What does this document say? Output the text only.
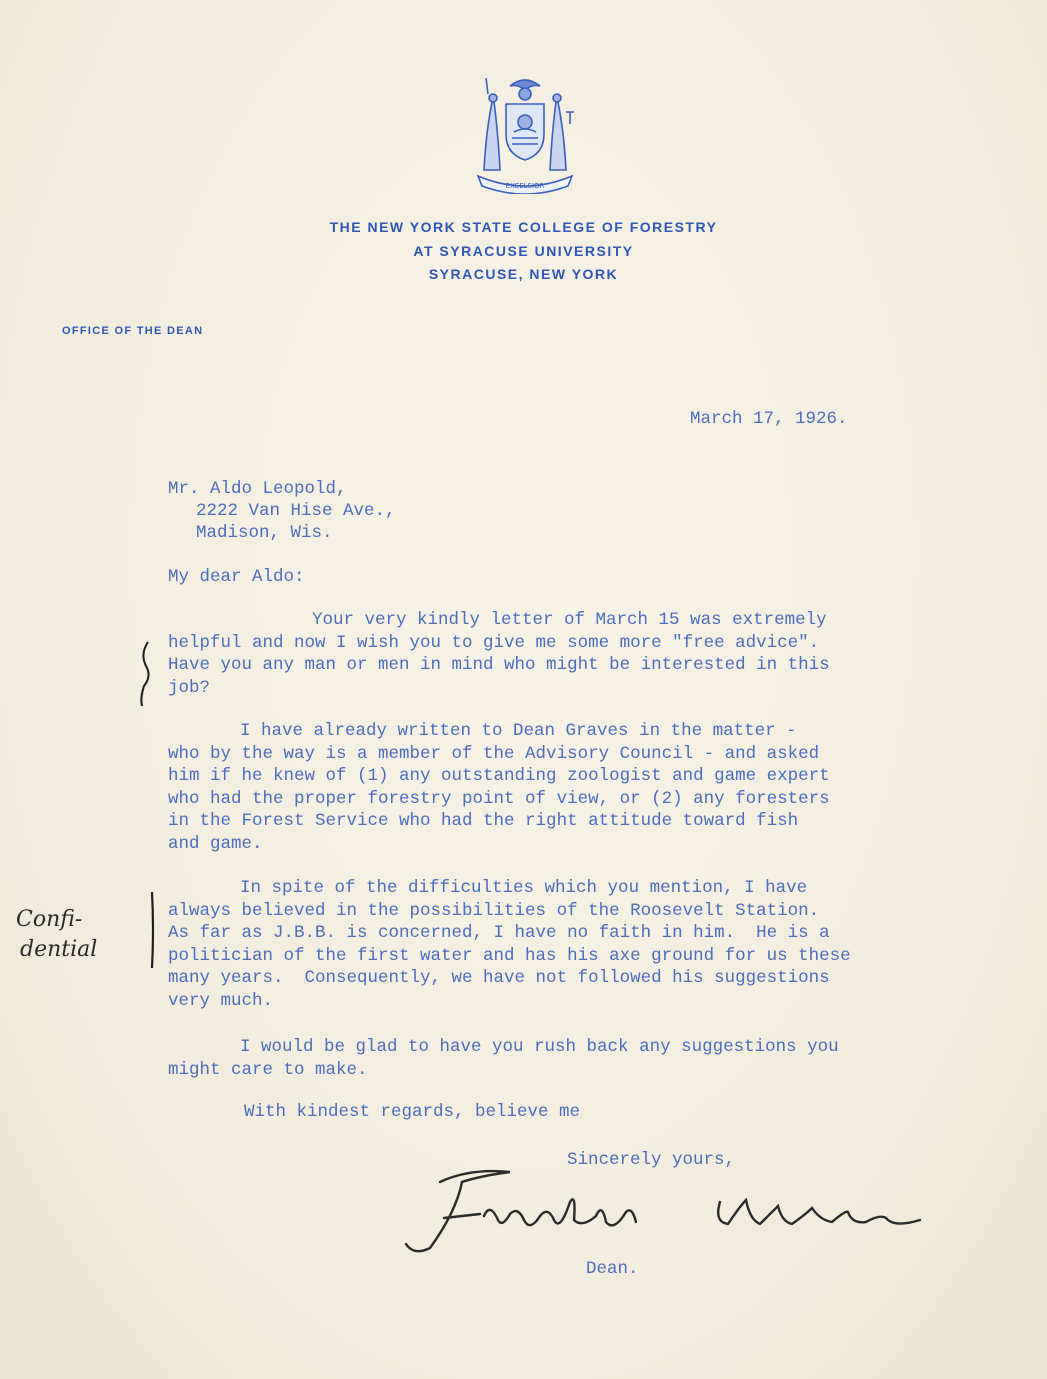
EXCELSIOR
THE NEW YORK STATE COLLEGE OF FORESTRY
AT SYRACUSE UNIVERSITY
SYRACUSE, NEW YORK
OFFICE OF THE DEAN
March 17, 1926.
Mr. Aldo Leopold,
2222 Van Hise Ave.,
Madison, Wis.
My dear Aldo:
Your very kindly letter of March 15 was extremely
helpful and now I wish you to give me some more "free advice".
Have you any man or men in mind who might be interested in this
job?
I have already written to Dean Graves in the matter -
who by the way is a member of the Advisory Council - and asked
him if he knew of (1) any outstanding zoologist and game expert
who had the proper forestry point of view, or (2) any foresters
in the Forest Service who had the right attitude toward fish
and game.
In spite of the difficulties which you mention, I have
always believed in the possibilities of the Roosevelt Station.
As far as J.B.B. is concerned, I have no faith in him.  He is a
politician of the first water and has his axe ground for us these
many years.  Consequently, we have not followed his suggestions
very much.
I would be glad to have you rush back any suggestions you
might care to make.
With kindest regards, believe me
Sincerely yours,
Dean.
Confi-
dential
